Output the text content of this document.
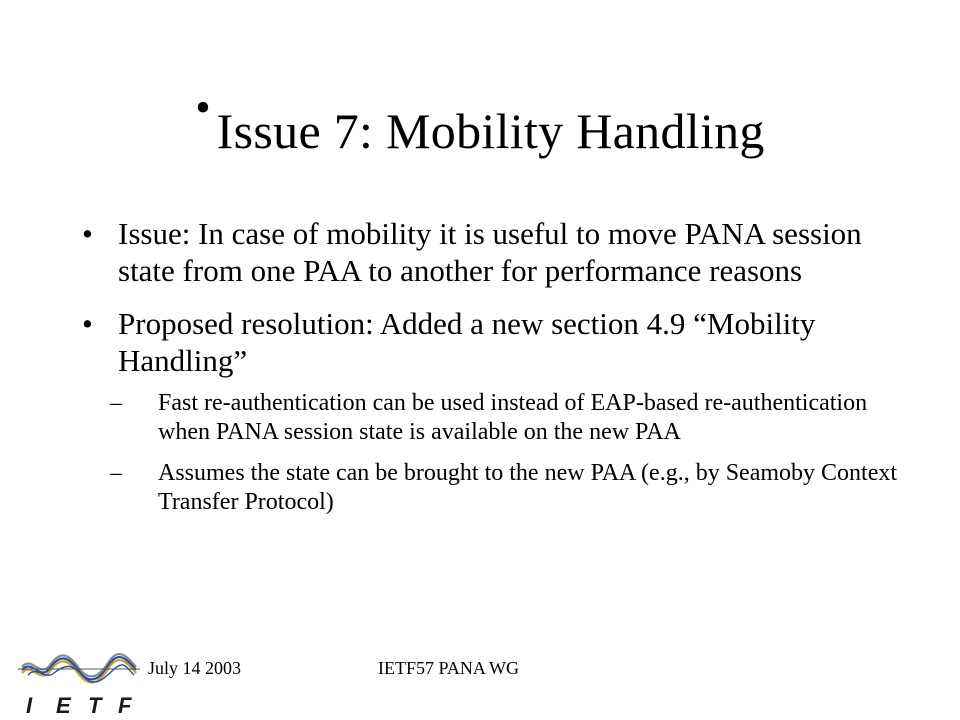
• Issue 7: Mobility Handling
• Issue: In case of mobility it is useful to move PANA session state from one PAA to another for performance reasons
• Proposed resolution: Added a new section 4.9 “Mobility Handling”
– Fast re-authentication can be used instead of EAP-based re-authentication when PANA session state is available on the new PAA
– Assumes the state can be brought to the new PAA (e.g., by Seamoby Context Transfer Protocol)
I E T F
July 14 2003	IETF57 PANA WG
